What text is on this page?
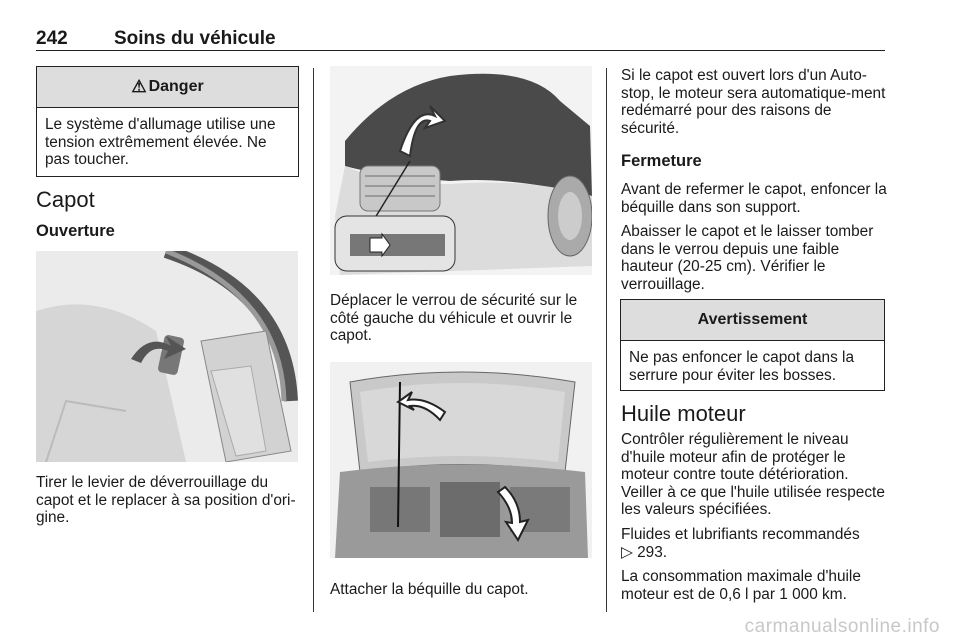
242 Soins du véhicule
⚠ Danger
Le système d'allumage utilise une tension extrêmement élevée. Ne pas toucher.
Capot
Ouverture
Tirer le levier de déverrouillage du capot et le replacer à sa position d'ori-gine.
Déplacer le verrou de sécurité sur le côté gauche du véhicule et ouvrir le capot.
Attacher la béquille du capot.
Si le capot est ouvert lors d'un Auto-stop, le moteur sera automatique-ment redémarré pour des raisons de sécurité.
Fermeture
Avant de refermer le capot, enfoncer la béquille dans son support.
Abaisser le capot et le laisser tomber dans le verrou depuis une faible hauteur (20-25 cm). Vérifier le verrouillage.
Avertissement
Ne pas enfoncer le capot dans la serrure pour éviter les bosses.
Huile moteur
Contrôler régulièrement le niveau d'huile moteur afin de protéger le moteur contre toute détérioration. Veiller à ce que l'huile utilisée respecte les valeurs spécifiées.
Fluides et lubrifiants recommandés
▷ 293.
La consommation maximale d'huile moteur est de 0,6 l par 1 000 km.
carmanualsonline.info
